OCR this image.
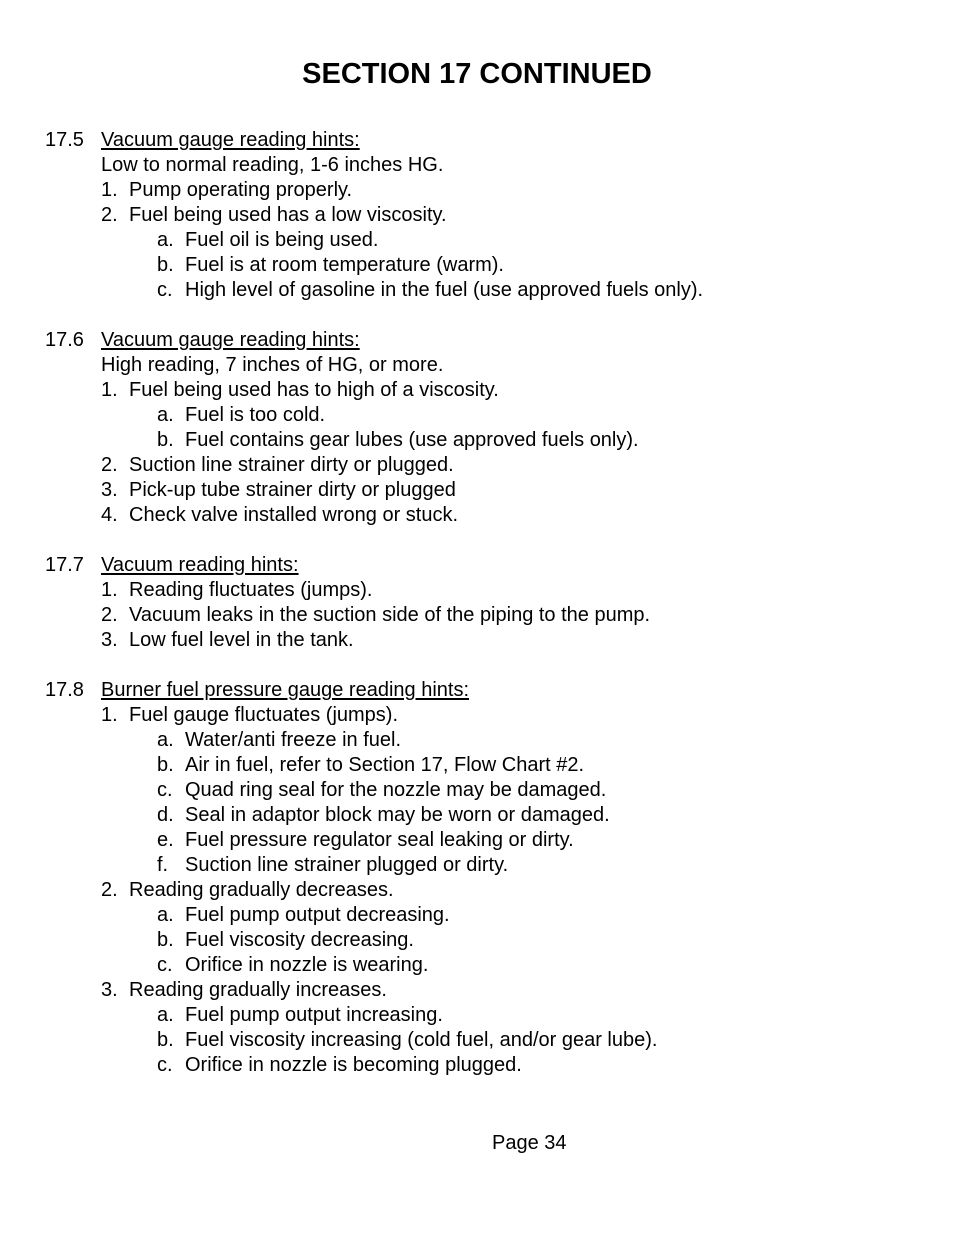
SECTION 17 CONTINUED
17.5 Vacuum gauge reading hints:
Low to normal reading, 1-6 inches HG.
1. Pump operating properly.
2. Fuel being used has a low viscosity.
a. Fuel oil is being used.
b. Fuel is at room temperature (warm).
c. High level of gasoline in the fuel (use approved fuels only).
17.6 Vacuum gauge reading hints:
High reading, 7 inches of HG, or more.
1. Fuel being used has to high of a viscosity.
a. Fuel is too cold.
b. Fuel contains gear lubes (use approved fuels only).
2. Suction line strainer dirty or plugged.
3. Pick-up tube strainer dirty or plugged
4. Check valve installed wrong or stuck.
17.7 Vacuum reading hints:
1. Reading fluctuates (jumps).
2. Vacuum leaks in the suction side of the piping to the pump.
3. Low fuel level in the tank.
17.8 Burner fuel pressure gauge reading hints:
1. Fuel gauge fluctuates (jumps).
a. Water/anti freeze in fuel.
b. Air in fuel, refer to Section 17, Flow Chart #2.
c. Quad ring seal for the nozzle may be damaged.
d. Seal in adaptor block may be worn or damaged.
e. Fuel pressure regulator seal leaking or dirty.
f. Suction line strainer plugged or dirty.
2. Reading gradually decreases.
a. Fuel pump output decreasing.
b. Fuel viscosity decreasing.
c. Orifice in nozzle is wearing.
3. Reading gradually increases.
a. Fuel pump output increasing.
b. Fuel viscosity increasing (cold fuel, and/or gear lube).
c. Orifice in nozzle is becoming plugged.
Page 34
